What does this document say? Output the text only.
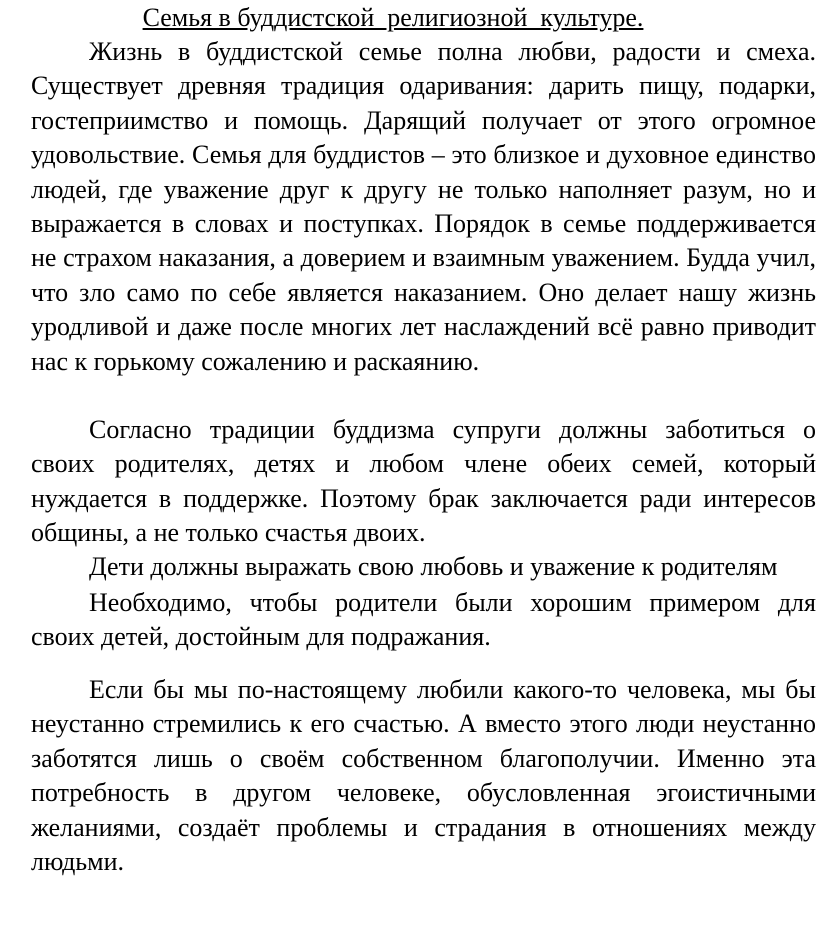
Семья в буддистской  религиозной  культуре.

Жизнь в буддистской семье полна любви, радости и смеха. Существует древняя традиция одаривания: дарить пищу, подарки, гостеприимство и помощь. Дарящий получает от этого огромное удовольствие. Семья для буддистов – это близкое и духовное единство людей, где уважение друг к другу не только наполняет разум, но и выражается в словах и поступках. Порядок в семье поддерживается не страхом наказания, а доверием и взаимным уважением. Будда учил, что зло само по себе является наказанием. Оно делает нашу жизнь уродливой и даже после многих лет наслаждений всё равно приводит нас к горькому сожалению и раскаянию.

Согласно традиции буддизма супруги должны заботиться о своих родителях, детях и любом члене обеих семей, который нуждается в поддержке. Поэтому брак заключается ради интересов общины, а не только счастья двоих.

Дети должны выражать свою любовь и уважение к родителям

Необходимо, чтобы родители были хорошим примером для своих детей, достойным для подражания.

Если бы мы по-настоящему любили какого-то человека, мы бы неустанно стремились к его счастью. А вместо этого люди неустанно заботятся лишь о своём собственном благополучии. Именно эта потребность в другом человеке, обусловленная эгоистичными желаниями, создаёт проблемы и страдания в отношениях между людьми.
